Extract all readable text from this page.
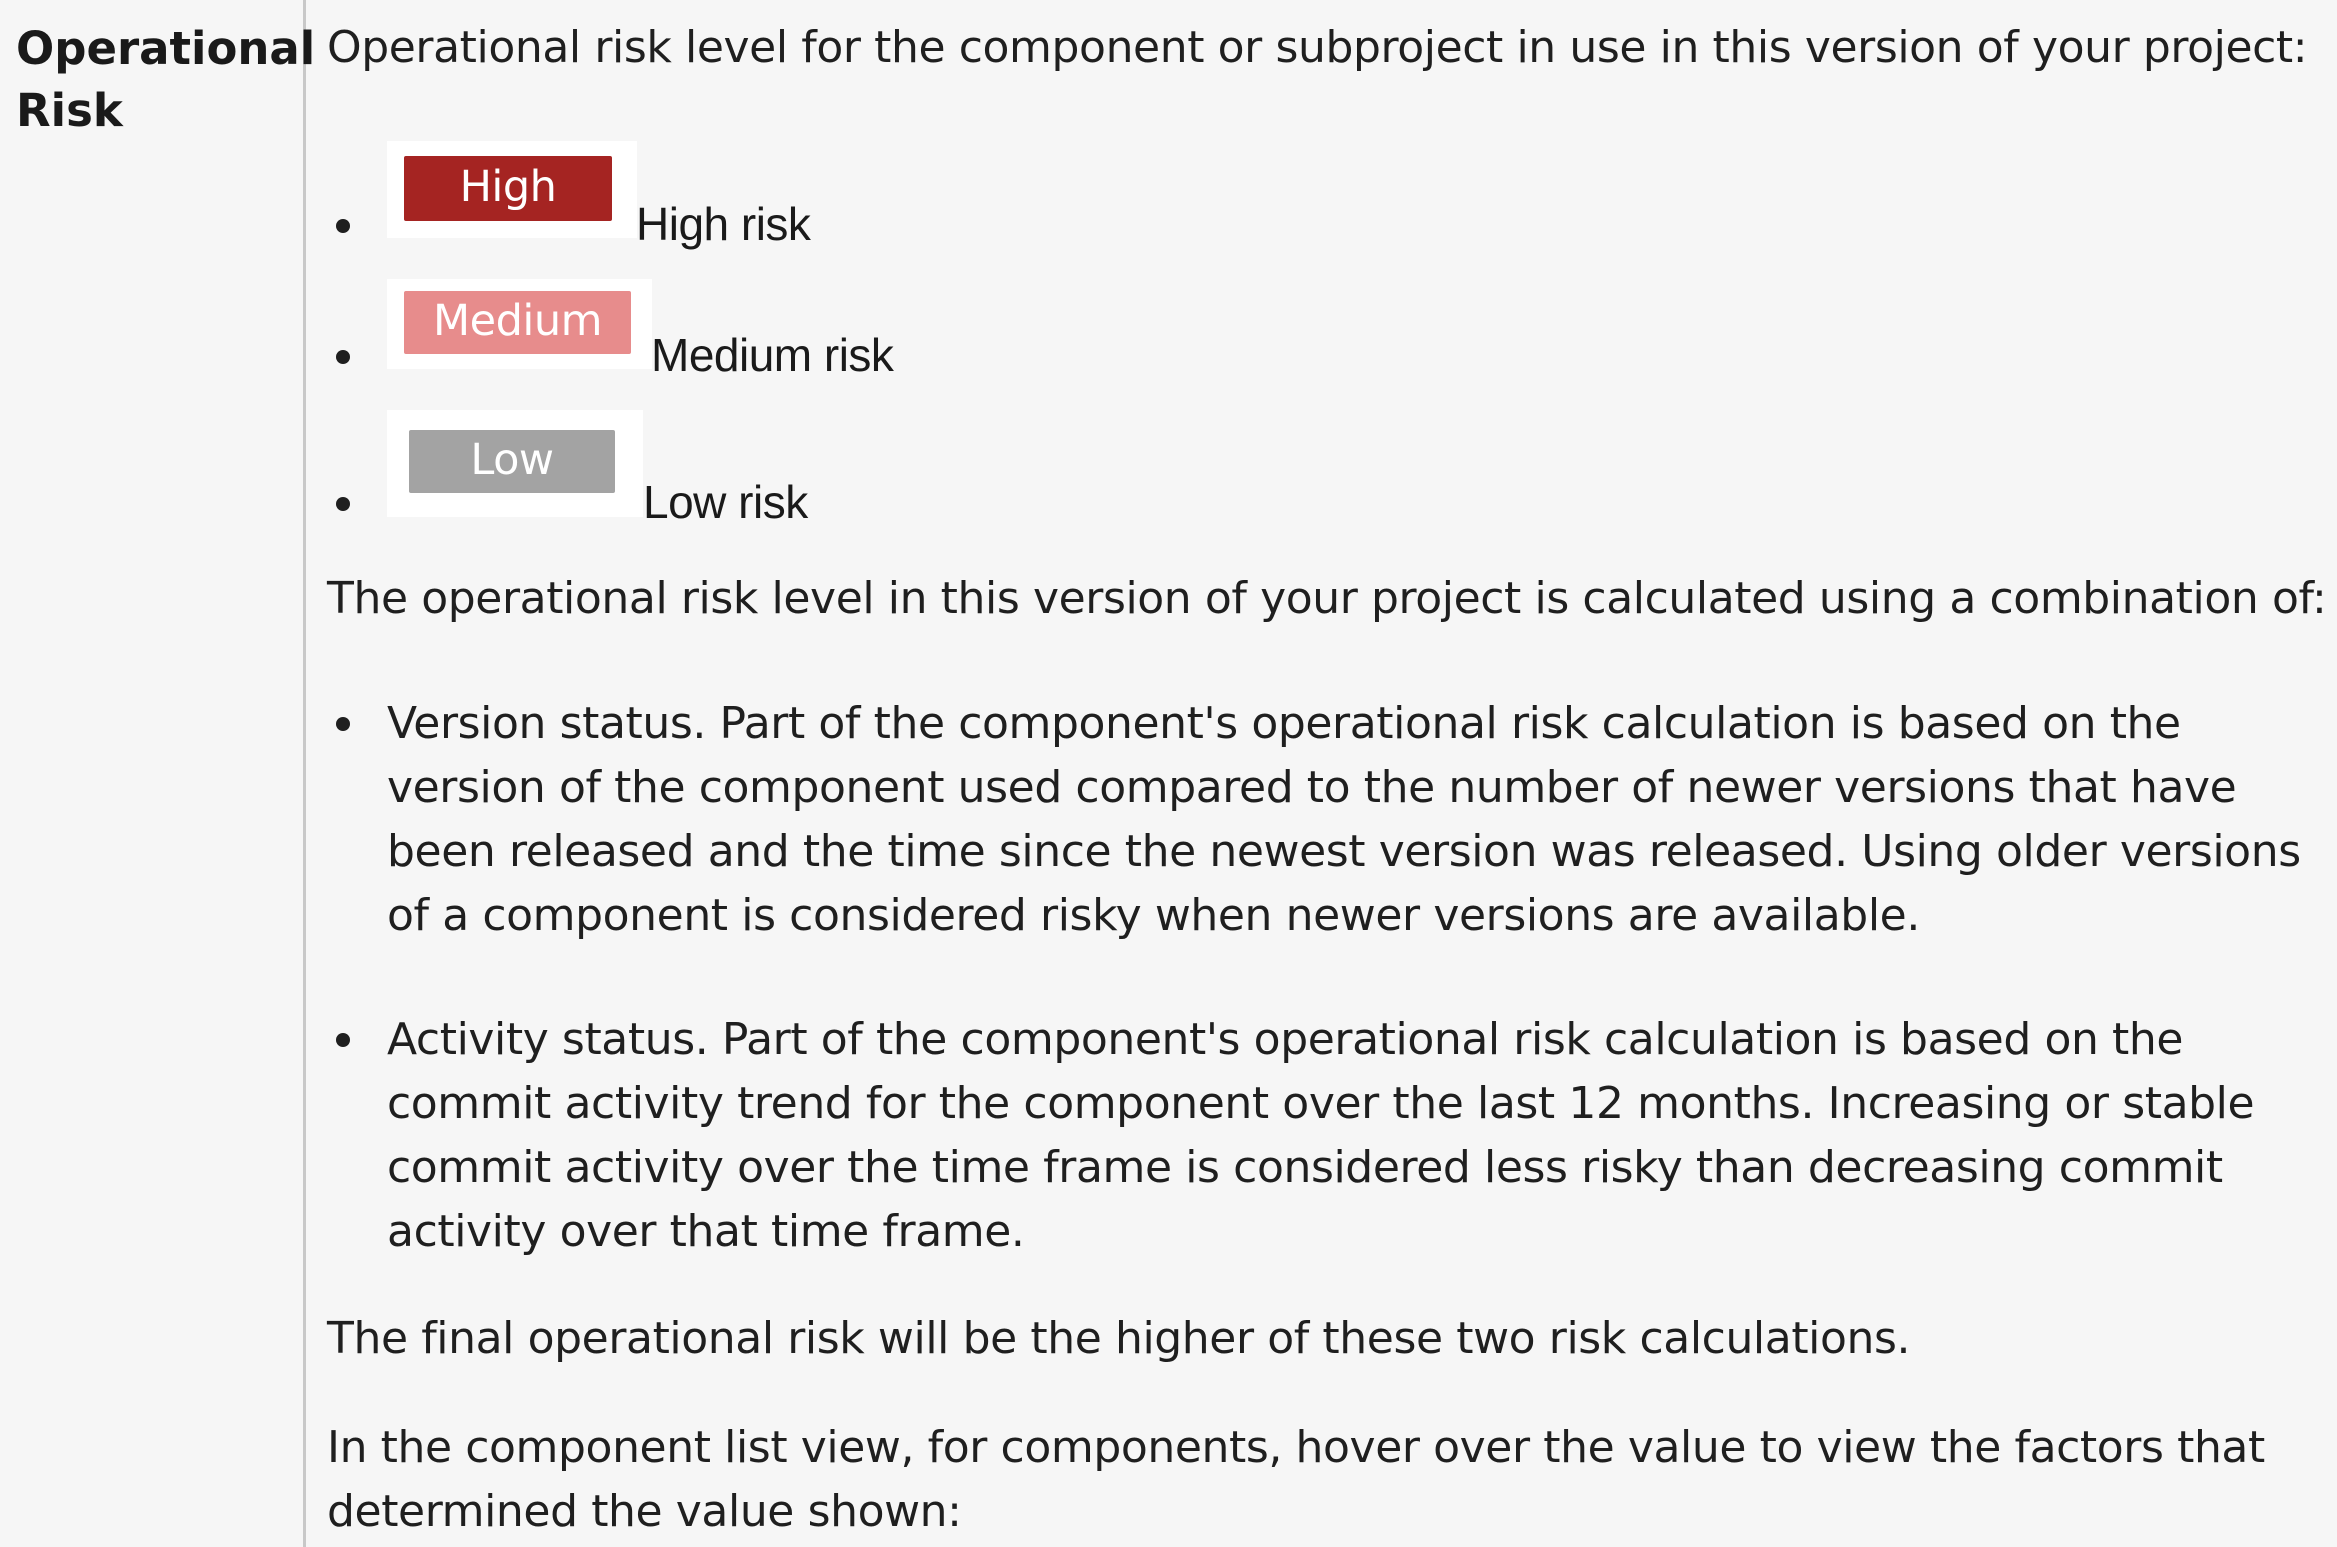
Operational Risk

Operational risk level for the component or subproject in use in this version of your project:

High

High risk

Medium

Medium risk

Low

Low risk

The operational risk level in this version of your project is calculated using a combination of:

Version status. Part of the component's operational risk calculation is based on the version of the component used compared to the number of newer versions that have been released and the time since the newest version was released. Using older versions of a component is considered risky when newer versions are available.

Activity status. Part of the component's operational risk calculation is based on the commit activity trend for the component over the last 12 months. Increasing or stable commit activity over the time frame is considered less risky than decreasing commit activity over that time frame.

The final operational risk will be the higher of these two risk calculations.

In the component list view, for components, hover over the value to view the factors that determined the value shown:
